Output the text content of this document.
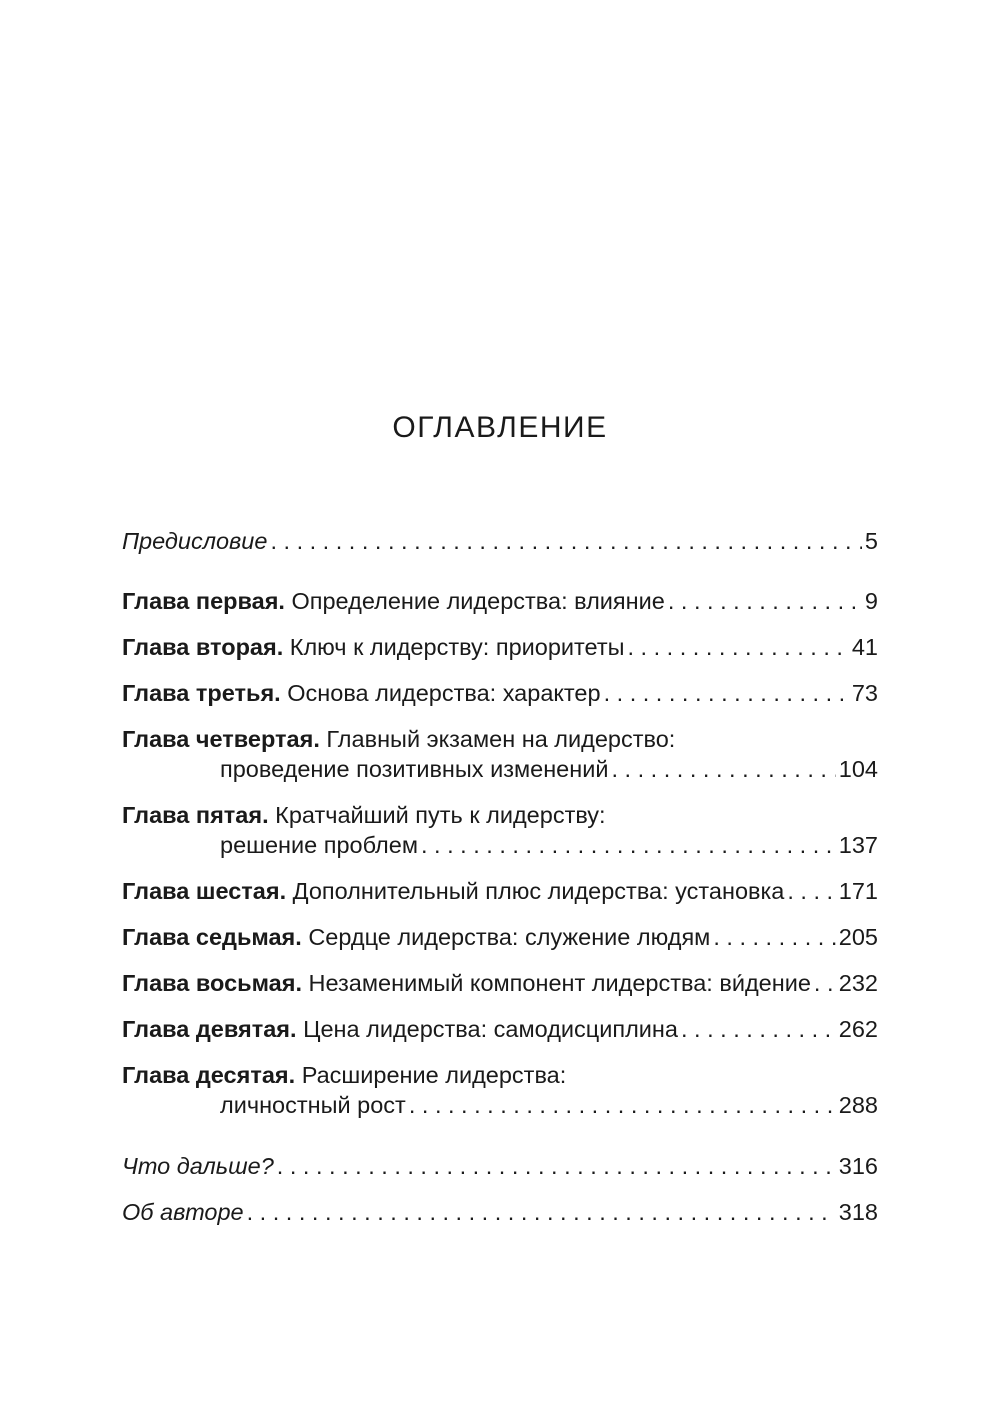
ОГЛАВЛЕНИЕ
Предисловие . . .	5
Глава первая. Определение лидерства: влияние . . .	9
Глава вторая. Ключ к лидерству: приоритеты . . .	41
Глава третья. Основа лидерства: характер . . .	73
Глава четвертая. Главный экзамен на лидерство:
проведение позитивных изменений . . .	104
Глава пятая. Кратчайший путь к лидерству:
решение проблем . . .	137
Глава шестая. Дополнительный плюс лидерства: установка . . . 171
Глава седьмая. Сердце лидерства: служение людям . . .	205
Глава восьмая. Незаменимый компонент лидерства: ви́дение . . . 232
Глава девятая. Цена лидерства: самодисциплина . . .	262
Глава десятая. Расширение лидерства:
личностный рост . . .	288
Что дальше? . . .	316
Об авторе . . .	318
